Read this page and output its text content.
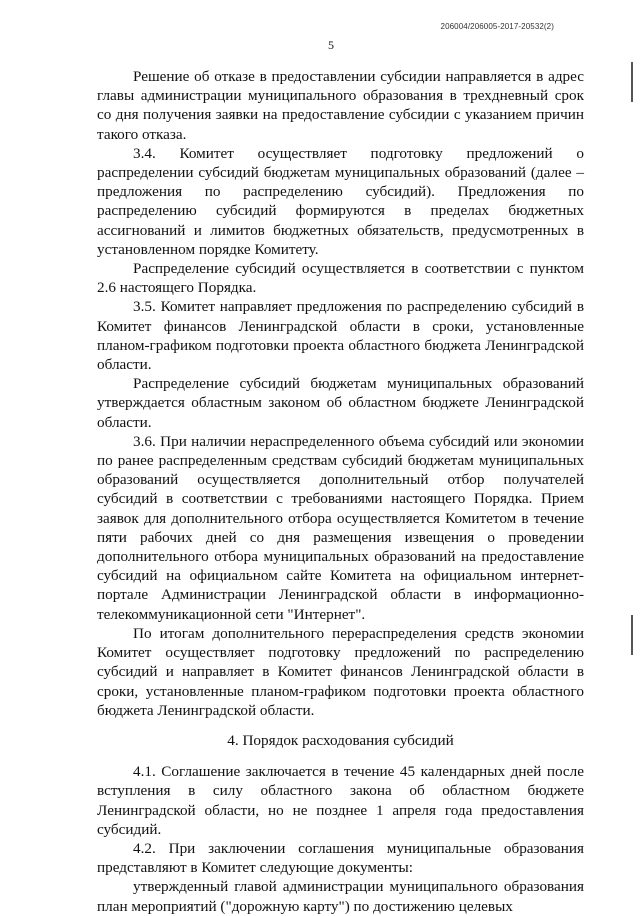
206004/206005-2017-20532(2)
5

Решение об отказе в предоставлении субсидии направляется в адрес главы администрации муниципального образования в трехдневный срок со дня получения заявки на предоставление субсидии с указанием причин такого отказа.

3.4. Комитет осуществляет подготовку предложений о распределении субсидий бюджетам муниципальных образований (далее – предложения по распределению субсидий). Предложения по распределению субсидий формируются в пределах бюджетных ассигнований и лимитов бюджетных обязательств, предусмотренных в установленном порядке Комитету.

Распределение субсидий осуществляется в соответствии с пунктом 2.6 настоящего Порядка.

3.5. Комитет направляет предложения по распределению субсидий в Комитет финансов Ленинградской области в сроки, установленные планом-графиком подготовки проекта областного бюджета Ленинградской области.

Распределение субсидий бюджетам муниципальных образований утверждается областным законом об областном бюджете Ленинградской области.

3.6. При наличии нераспределенного объема субсидий или экономии по ранее распределенным средствам субсидий бюджетам муниципальных образований осуществляется дополнительный отбор получателей субсидий в соответствии с требованиями настоящего Порядка. Прием заявок для дополнительного отбора осуществляется Комитетом в течение пяти рабочих дней со дня размещения извещения о проведении дополнительного отбора муниципальных образований на предоставление субсидий на официальном сайте Комитета на официальном интернет-портале Администрации Ленинградской области в информационно-телекоммуникационной сети "Интернет".

По итогам дополнительного перераспределения средств экономии Комитет осуществляет подготовку предложений по распределению субсидий и направляет в Комитет финансов Ленинградской области в сроки, установленные планом-графиком подготовки проекта областного бюджета Ленинградской области.

4. Порядок расходования субсидий

4.1. Соглашение заключается в течение 45 календарных дней после вступления в силу областного закона об областном бюджете Ленинградской области, но не позднее 1 апреля года предоставления субсидий.

4.2. При заключении соглашения муниципальные образования представляют в Комитет следующие документы:

утвержденный главой администрации муниципального образования план мероприятий ("дорожную карту") по достижению целевых
